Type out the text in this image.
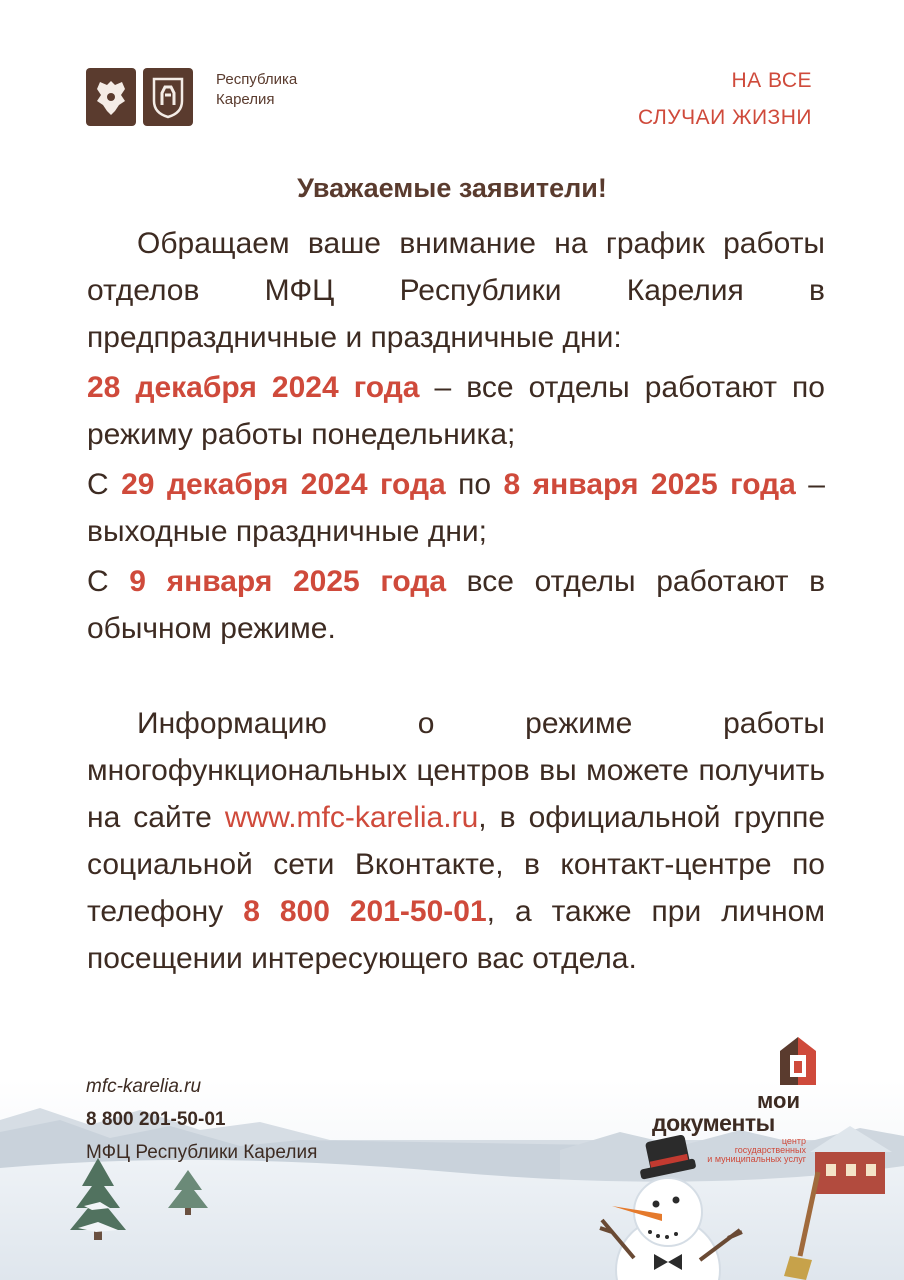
Республика
Карелия
НА ВСЕ
СЛУЧАИ ЖИЗНИ
Уважаемые заявители!

Обращаем ваше внимание на график работы отделов МФЦ Республики Карелия в предпраздничные и праздничные дни:

28 декабря 2024 года – все отделы работают по режиму работы понедельника;

С 29 декабря 2024 года по 8 января 2025 года – выходные праздничные дни;

С 9 января 2025 года все отделы работают в обычном режиме.

Информацию о режиме работы многофункциональных центров вы можете получить на сайте www.mfc-karelia.ru, в официальной группе социальной сети Вконтакте, в контакт-центре по телефону 8 800 201-50-01, а также при личном посещении интересующего вас отдела.

mfc-karelia.ru
8 800 201-50-01
МФЦ Республики Карелия
мои
документы
центр
государственных
и муниципальных услуг
